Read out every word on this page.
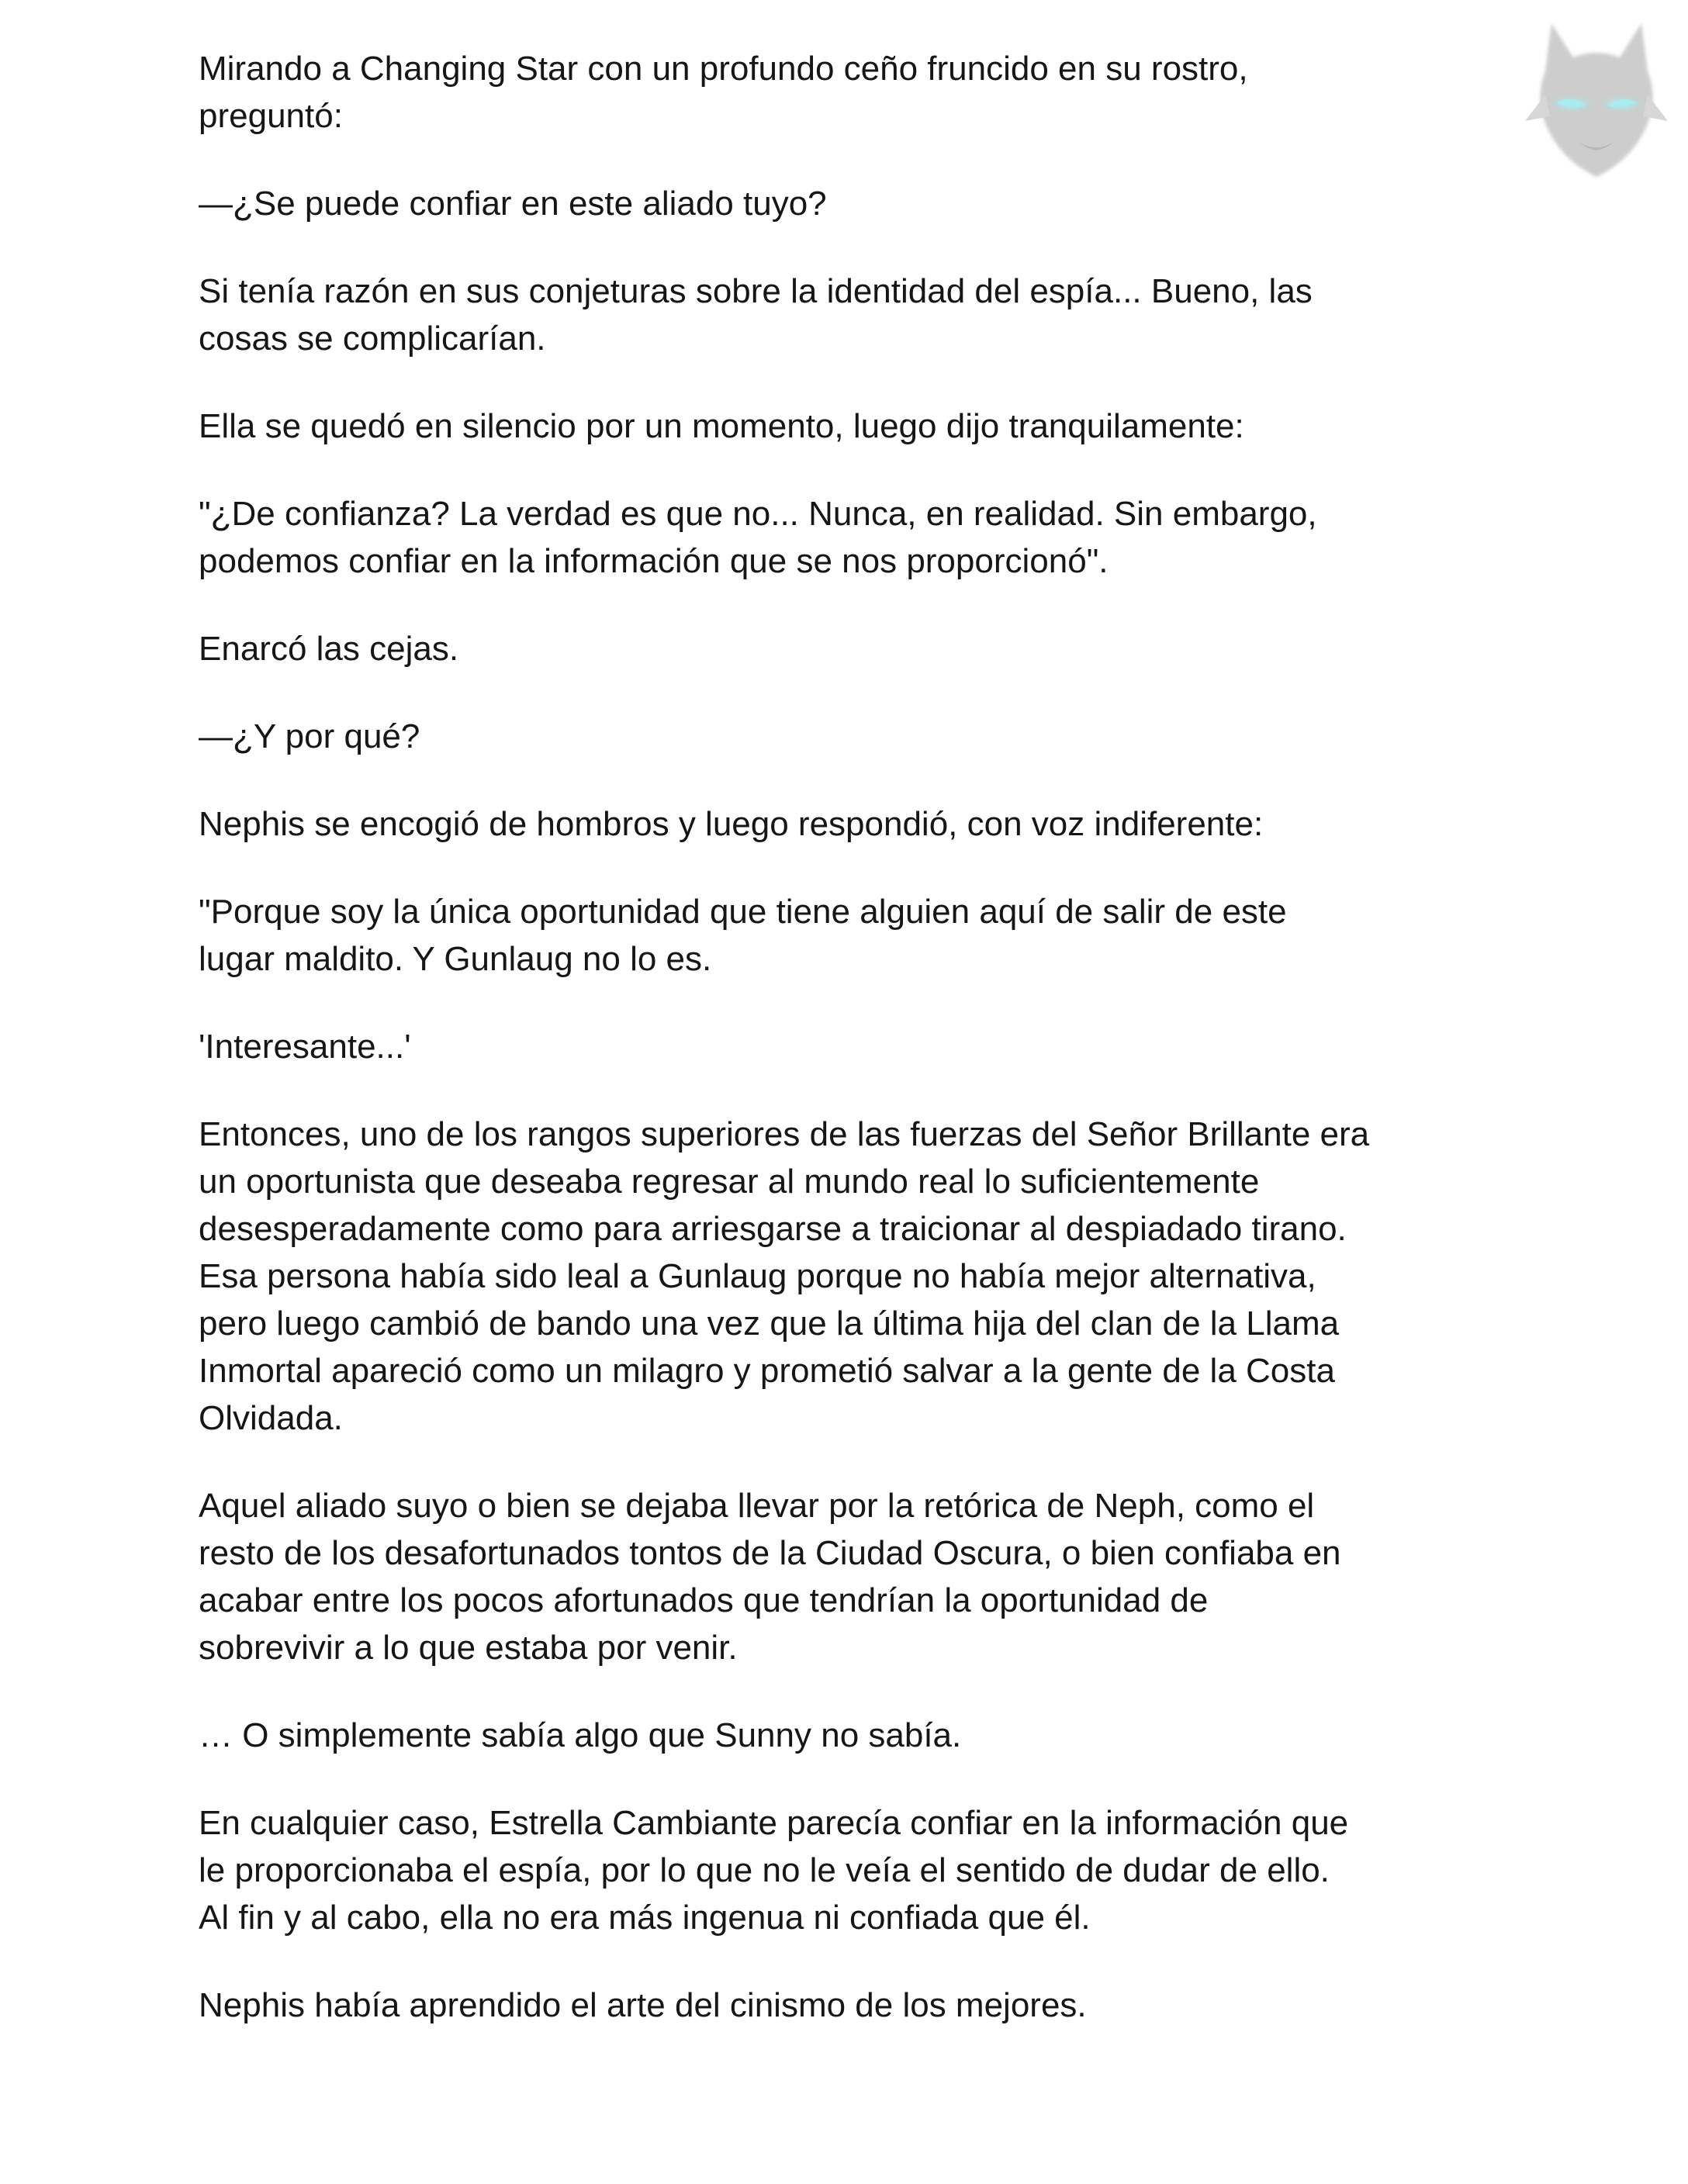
Mirando a Changing Star con un profundo ceño fruncido en su rostro,
preguntó:

—¿Se puede confiar en este aliado tuyo?

Si tenía razón en sus conjeturas sobre la identidad del espía... Bueno, las
cosas se complicarían.

Ella se quedó en silencio por un momento, luego dijo tranquilamente:

"¿De confianza? La verdad es que no... Nunca, en realidad. Sin embargo,
podemos confiar en la información que se nos proporcionó".

Enarcó las cejas.

—¿Y por qué?

Nephis se encogió de hombros y luego respondió, con voz indiferente:

"Porque soy la única oportunidad que tiene alguien aquí de salir de este
lugar maldito. Y Gunlaug no lo es.

'Interesante...'

Entonces, uno de los rangos superiores de las fuerzas del Señor Brillante era
un oportunista que deseaba regresar al mundo real lo suficientemente
desesperadamente como para arriesgarse a traicionar al despiadado tirano.
Esa persona había sido leal a Gunlaug porque no había mejor alternativa,
pero luego cambió de bando una vez que la última hija del clan de la Llama
Inmortal apareció como un milagro y prometió salvar a la gente de la Costa
Olvidada.

Aquel aliado suyo o bien se dejaba llevar por la retórica de Neph, como el
resto de los desafortunados tontos de la Ciudad Oscura, o bien confiaba en
acabar entre los pocos afortunados que tendrían la oportunidad de
sobrevivir a lo que estaba por venir.

… O simplemente sabía algo que Sunny no sabía.

En cualquier caso, Estrella Cambiante parecía confiar en la información que
le proporcionaba el espía, por lo que no le veía el sentido de dudar de ello.
Al fin y al cabo, ella no era más ingenua ni confiada que él.

Nephis había aprendido el arte del cinismo de los mejores.
